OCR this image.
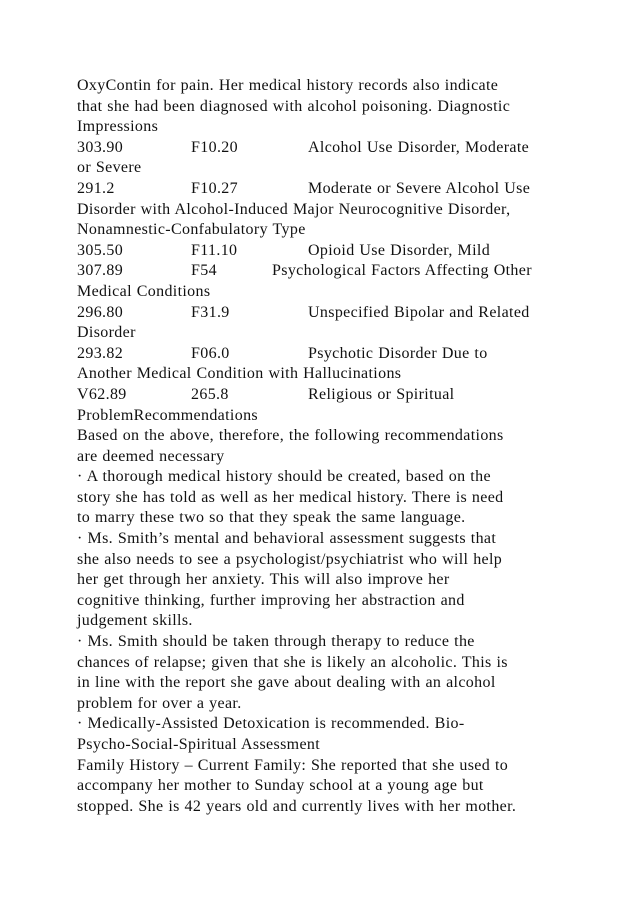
OxyContin for pain. Her medical history records also indicate
that she had been diagnosed with alcohol poisoning. Diagnostic
Impressions
303.90	F10.20	Alcohol Use Disorder, Moderate
or Severe
291.2	F10.27	Moderate or Severe Alcohol Use
Disorder with Alcohol-Induced Major Neurocognitive Disorder,
Nonamnestic-Confabulatory Type
305.50	F11.10	Opioid Use Disorder, Mild
307.89	F54	Psychological Factors Affecting Other
Medical Conditions
296.80	F31.9	Unspecified Bipolar and Related
Disorder
293.82	F06.0	Psychotic Disorder Due to
Another Medical Condition with Hallucinations
V62.89	265.8	Religious or Spiritual
ProblemRecommendations
Based on the above, therefore, the following recommendations
are deemed necessary
· A thorough medical history should be created, based on the
story she has told as well as her medical history. There is need
to marry these two so that they speak the same language.
· Ms. Smith’s mental and behavioral assessment suggests that
she also needs to see a psychologist/psychiatrist who will help
her get through her anxiety. This will also improve her
cognitive thinking, further improving her abstraction and
judgement skills.
· Ms. Smith should be taken through therapy to reduce the
chances of relapse; given that she is likely an alcoholic. This is
in line with the report she gave about dealing with an alcohol
problem for over a year.
· Medically-Assisted Detoxication is recommended. Bio-
Psycho-Social-Spiritual Assessment
Family History – Current Family: She reported that she used to
accompany her mother to Sunday school at a young age but
stopped. She is 42 years old and currently lives with her mother.
